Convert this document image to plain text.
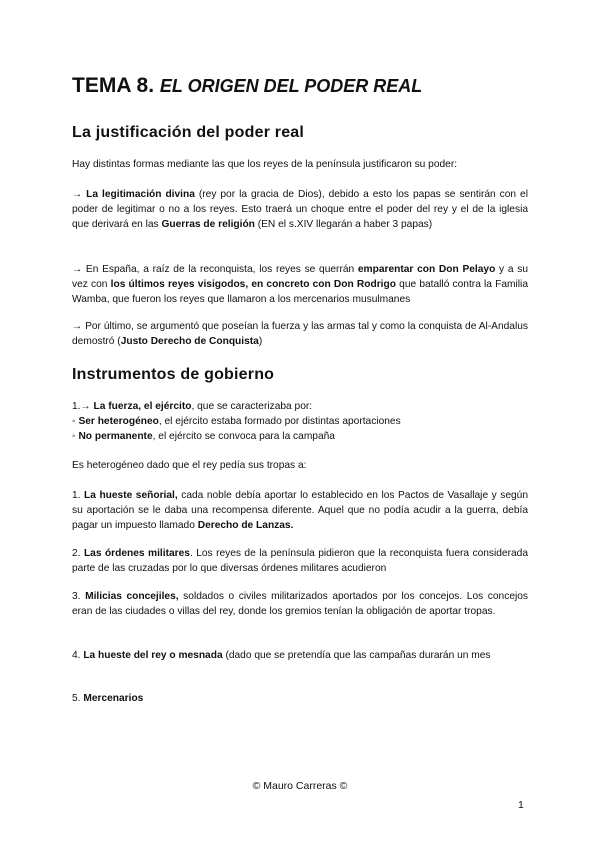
TEMA 8. EL ORIGEN DEL PODER REAL
La justificación del poder real

Hay distintas formas mediante las que los reyes de la península justificaron su poder:

→ La legitimación divina (rey por la gracia de Dios), debido a esto los papas se sentirán con el poder de legitimar o no a los reyes. Esto traerá un choque entre el poder del rey y el de la iglesia que derivará en las Guerras de religión (EN el s.XIV llegarán a haber 3 papas)

→ En España, a raíz de la reconquista, los reyes se querrán emparentar con Don Pelayo y a su vez con los últimos reyes visigodos, en concreto con Don Rodrigo que batalló contra la Familia Wamba, que fueron los reyes que llamaron a los mercenarios musulmanes

→ Por último, se argumentó que poseían la fuerza y las armas tal y como la conquista de Al-Andalus demostró (Justo Derecho de Conquista)

Instrumentos de gobierno

1.→ La fuerza, el ejército, que se caracterizaba por:
◦ Ser heterogéneo, el ejército estaba formado por distintas aportaciones
◦ No permanente, el ejército se convoca para la campaña

Es heterogéneo dado que el rey pedía sus tropas a:

1. La hueste señorial, cada noble debía aportar lo establecido en los Pactos de Vasallaje y según su aportación se le daba una recompensa diferente. Aquel que no podía acudir a la guerra, debía pagar un impuesto llamado Derecho de Lanzas.

2. Las órdenes militares. Los reyes de la península pidieron que la reconquista fuera considerada parte de las cruzadas por lo que diversas órdenes militares acudieron

3. Milicias concejiles, soldados o civiles militarizados aportados por los concejos. Los concejos eran de las ciudades o villas del rey, donde los gremios tenían la obligación de aportar tropas.

4. La hueste del rey o mesnada (dado que se pretendía que las campañas durarán un mes

5. Mercenarios

© Mauro Carreras ©
1
